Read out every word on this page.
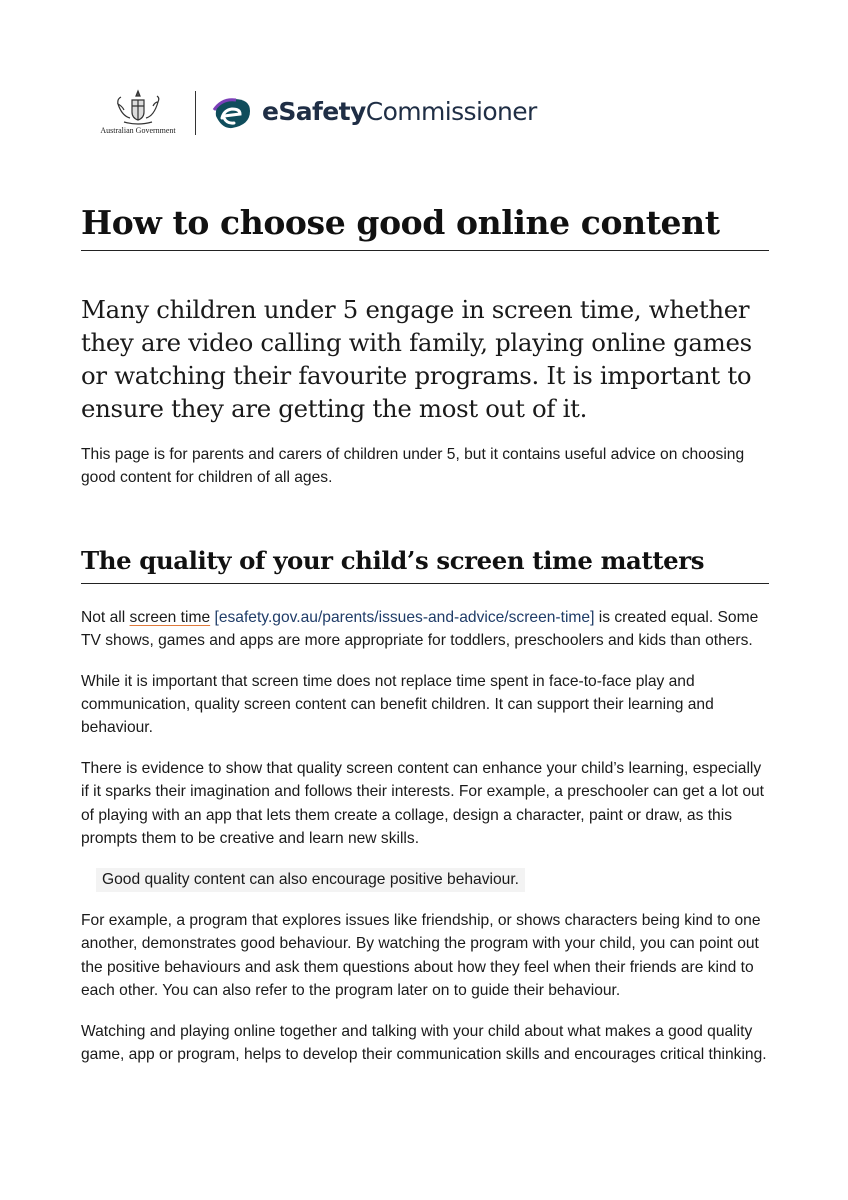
Australian Government
eSafetyCommissioner
How to choose good online content
Many children under 5 engage in screen time, whether they are video calling with family, playing online games or watching their favourite programs. It is important to ensure they are getting the most out of it.

This page is for parents and carers of children under 5, but it contains useful advice on choosing good content for children of all ages.

The quality of your child’s screen time matters

Not all screen time [esafety.gov.au/parents/issues-and-advice/screen-time] is created equal. Some TV shows, games and apps are more appropriate for toddlers, preschoolers and kids than others.

While it is important that screen time does not replace time spent in face-to-face play and communication, quality screen content can benefit children. It can support their learning and behaviour.

There is evidence to show that quality screen content can enhance your child’s learning, especially if it sparks their imagination and follows their interests. For example, a preschooler can get a lot out of playing with an app that lets them create a collage, design a character, paint or draw, as this prompts them to be creative and learn new skills.

Good quality content can also encourage positive behaviour.

For example, a program that explores issues like friendship, or shows characters being kind to one another, demonstrates good behaviour. By watching the program with your child, you can point out the positive behaviours and ask them questions about how they feel when their friends are kind to each other. You can also refer to the program later on to guide their behaviour.

Watching and playing online together and talking with your child about what makes a good quality game, app or program, helps to develop their communication skills and encourages critical thinking.
